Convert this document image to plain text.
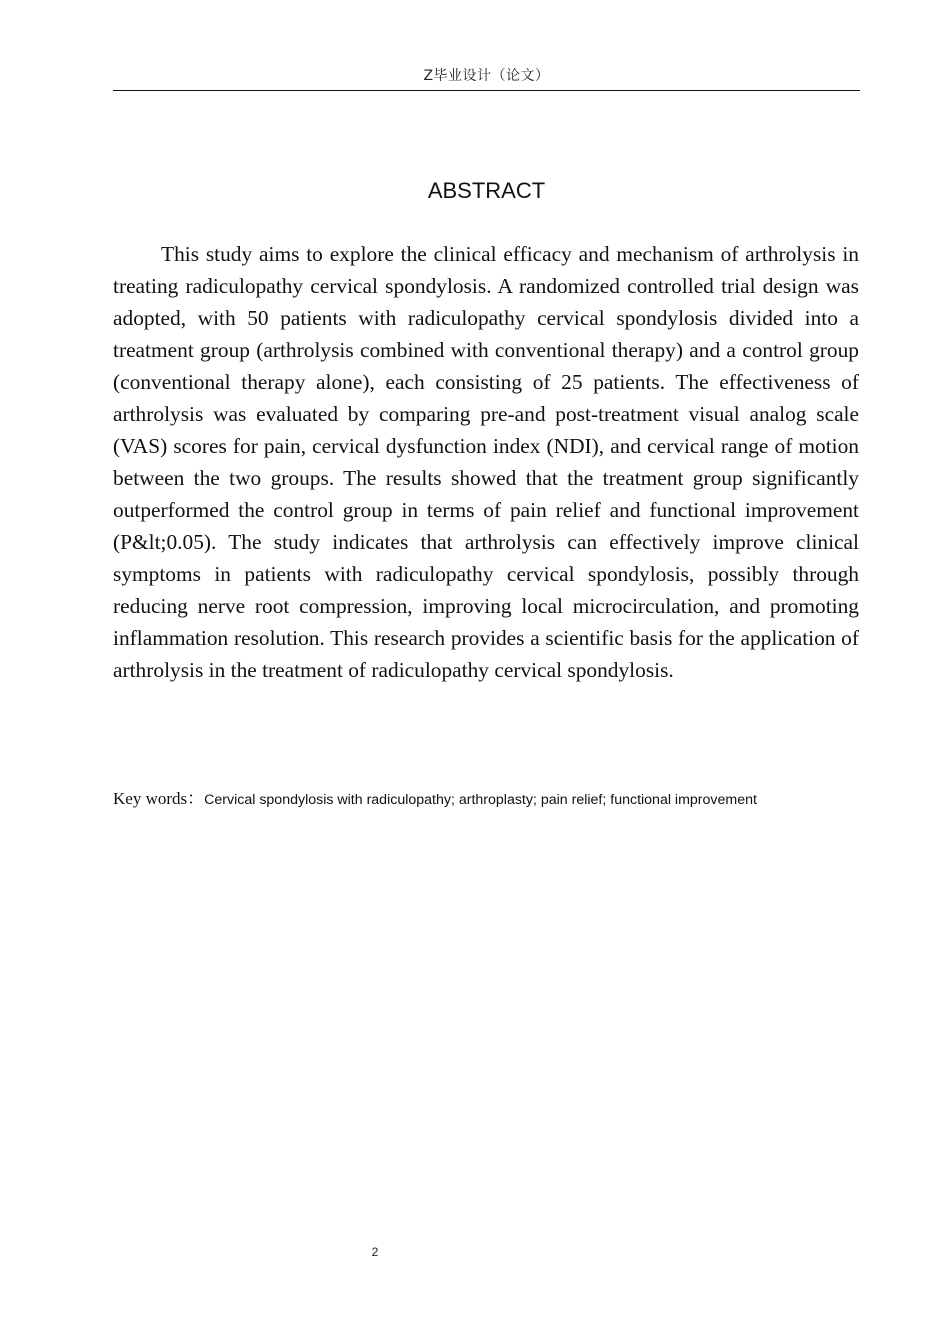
Z毕业设计（论文）
ABSTRACT

This study aims to explore the clinical efficacy and mechanism of arthrolysis in treating radiculopathy cervical spondylosis. A randomized controlled trial design was adopted, with 50 patients with radiculopathy cervical spondylosis divided into a treatment group (arthrolysis combined with conventional therapy) and a control group (conventional therapy alone), each consisting of 25 patients. The effectiveness of arthrolysis was evaluated by comparing pre-and post-treatment visual analog scale (VAS) scores for pain, cervical dysfunction index (NDI), and cervical range of motion between the two groups. The results showed that the treatment group significantly outperformed the control group in terms of pain relief and functional improvement (P&lt;0.05). The study indicates that arthrolysis can effectively improve clinical symptoms in patients with radiculopathy cervical spondylosis, possibly through reducing nerve root compression, improving local microcirculation, and promoting inflammation resolution. This research provides a scientific basis for the application of arthrolysis in the treatment of radiculopathy cervical spondylosis.

Key words：Cervical spondylosis with radiculopathy; arthroplasty; pain relief; functional improvement
2
